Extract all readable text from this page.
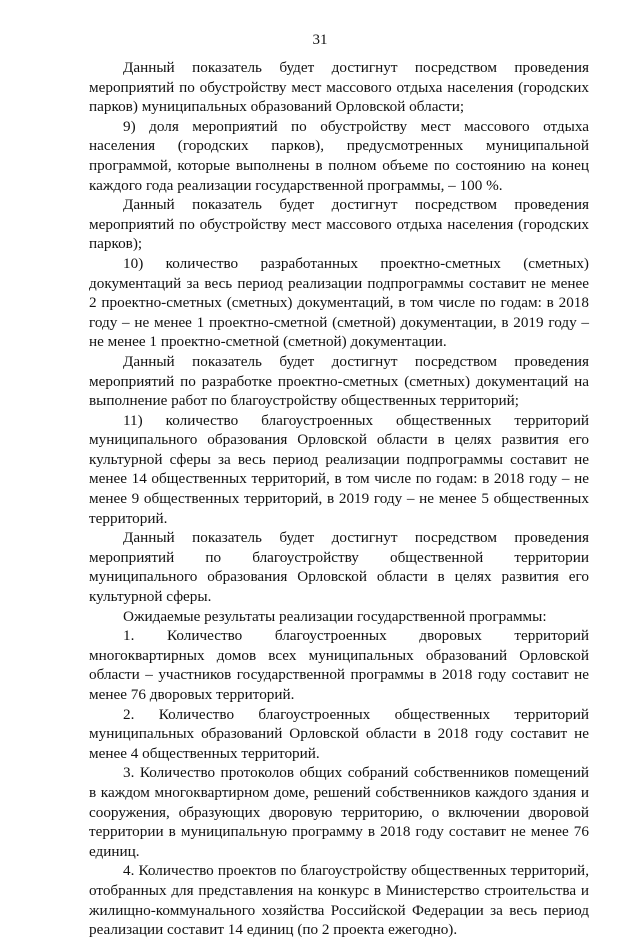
31

Данный показатель будет достигнут посредством проведения мероприятий по обустройству мест массового отдыха населения (городских парков) муниципальных образований Орловской области;

9) доля мероприятий по обустройству мест массового отдыха населения (городских парков), предусмотренных муниципальной программой, которые выполнены в полном объеме по состоянию на конец каждого года реализации государственной программы, – 100 %.

Данный показатель будет достигнут посредством проведения мероприятий по обустройству мест массового отдыха населения (городских парков);

10) количество разработанных проектно-сметных (сметных) документаций за весь период реализации подпрограммы составит не менее 2 проектно-сметных (сметных) документаций, в том числе по годам: в 2018 году – не менее 1 проектно-сметной (сметной) документации, в 2019 году – не менее 1 проектно-сметной (сметной) документации.

Данный показатель будет достигнут посредством проведения мероприятий по разработке проектно-сметных (сметных) документаций на выполнение работ по благоустройству общественных территорий;

11) количество благоустроенных общественных территорий муниципального образования Орловской области в целях развития его культурной сферы за весь период реализации подпрограммы составит не менее 14 общественных территорий, в том числе по годам: в 2018 году – не менее 9 общественных территорий, в 2019 году – не менее 5 общественных территорий.

Данный показатель будет достигнут посредством проведения мероприятий по благоустройству общественной территории муниципального образования Орловской области в целях развития его культурной сферы.

Ожидаемые результаты реализации государственной программы:

1. Количество благоустроенных дворовых территорий многоквартирных домов всех муниципальных образований Орловской области – участников государственной программы в 2018 году составит не менее 76 дворовых территорий.

2. Количество благоустроенных общественных территорий муниципальных образований Орловской области в 2018 году составит не менее 4 общественных территорий.

3. Количество протоколов общих собраний собственников помещений в каждом многоквартирном доме, решений собственников каждого здания и сооружения, образующих дворовую территорию, о включении дворовой территории в муниципальную программу в 2018 году составит не менее 76 единиц.

4. Количество проектов по благоустройству общественных территорий, отобранных для представления на конкурс в Министерство строительства и жилищно-коммунального хозяйства Российской Федерации за весь период реализации составит 14 единиц (по 2 проекта ежегодно).
